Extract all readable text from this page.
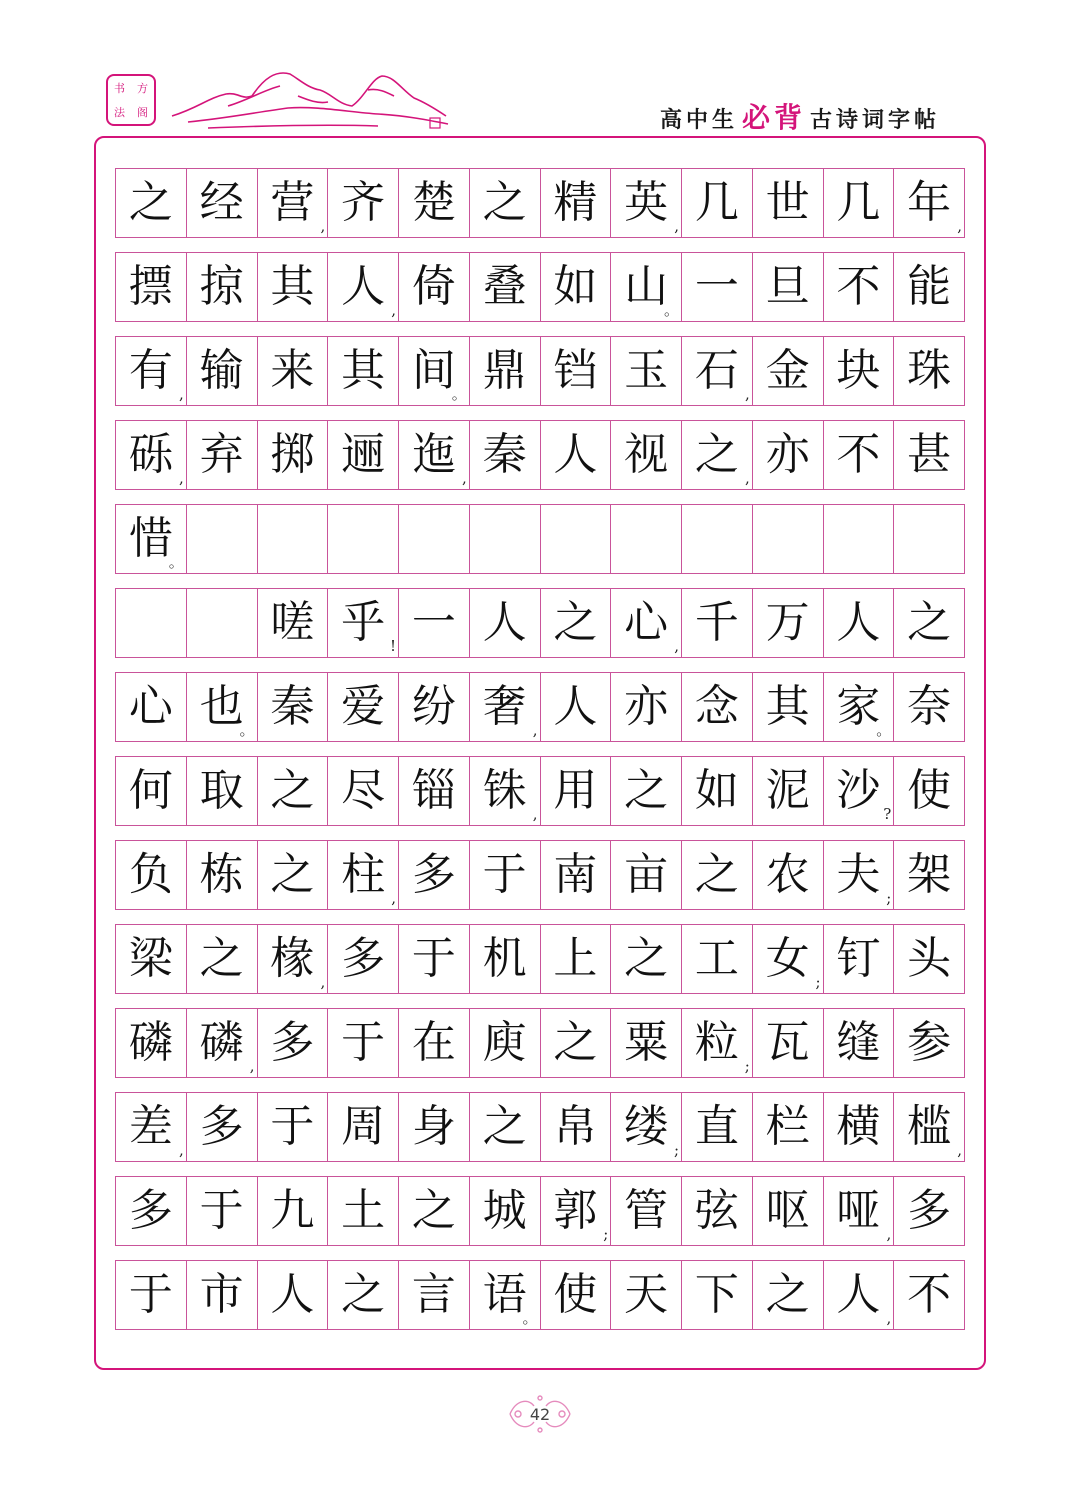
书 方
法 阁	高中生 必背 古诗词字帖
之 经 营 , 齐 楚 之 精 英 , 几 世 几 年 ,
摽 掠 其 人 , 倚 叠 如 山
。 一 旦 不 能
有 , 输 来 其 间
。 鼎 铛 玉 石 , 金 块 珠
砾 , 弃 掷 逦 迤 , 秦 人 视 之 , 亦 不 甚
惜
。
嗟 乎 ! 一 人 之 心 , 千 万 人 之
心 也
。 秦 爱 纷 奢 , 人 亦 念 其 家
。 奈
何 取 之 尽 锱 铢 , 用 之 如 泥 沙 ? 使
负 栋 之 柱 , 多 于 南 亩 之 农 夫 ; 架
梁 之 椽 , 多 于 机 上 之 工 女 ; 钉 头
磷 磷 , 多 于 在 庾 之 粟 粒 ; 瓦 缝 参
差 , 多 于 周 身 之 帛 缕 ; 直 栏 横 槛 ,
多 于 九 土 之 城 郭 ; 管 弦 呕 哑 , 多
于 市 人 之 言 语
。 使 天 下 之 人 , 不
42
